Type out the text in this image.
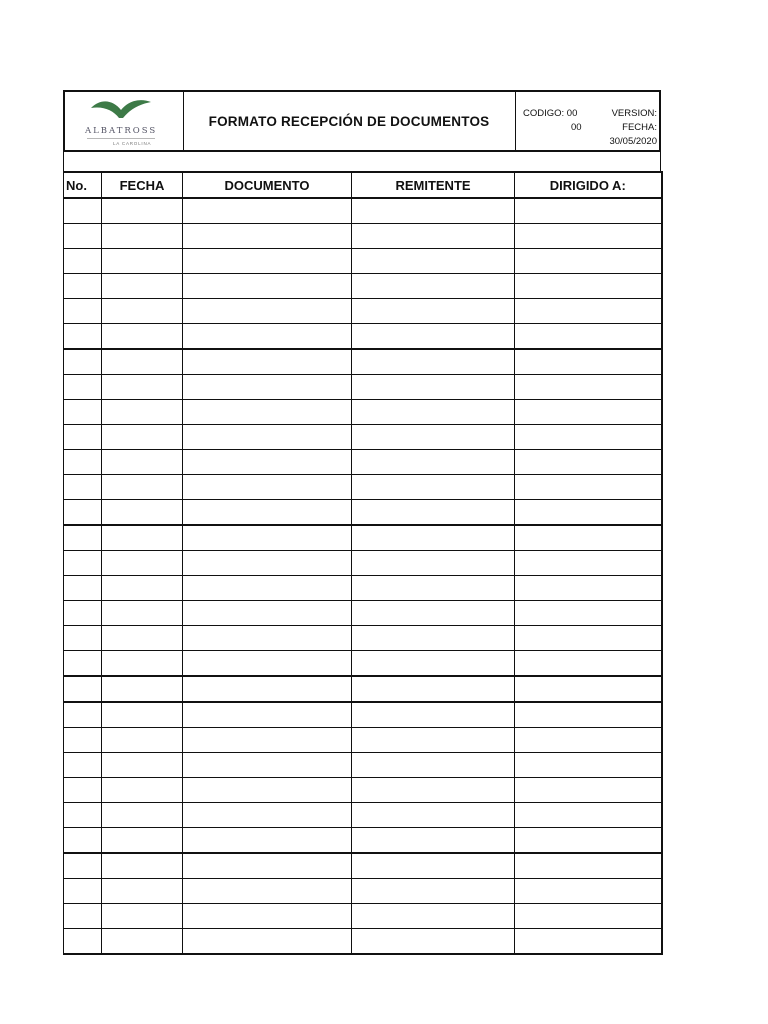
ALBATROSS
LA CAROLINA
FORMATO RECEPCIÓN DE DOCUMENTOS	CODIGO: 00
00
VERSION:
FECHA:
30/05/2020
No.	FECHA	DOCUMENTO	REMITENTE	DIRIGIDO A:
